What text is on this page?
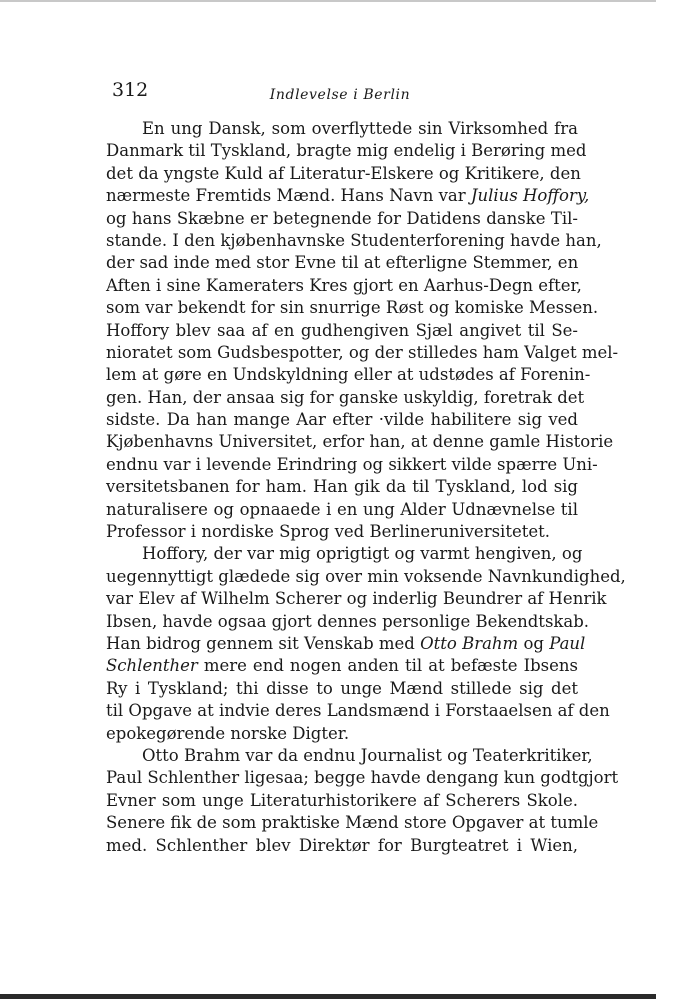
312	Indlevelse i Berlin
En ung Dansk, som overflyttede sin Virksomhed fra
Danmark til Tyskland, bragte mig endelig i Berøring med
det da yngste Kuld af Literatur-Elskere og Kritikere, den
nærmeste Fremtids Mænd. Hans Navn var Julius Hoffory,
og hans Skæbne er betegnende for Datidens danske Til-
stande. I den kjøbenhavnske Studenterforening havde han,
der sad inde med stor Evne til at efterligne Stemmer, en
Aften i sine Kameraters Kres gjort en Aarhus-Degn efter,
som var bekendt for sin snurrige Røst og komiske Messen.
Hoffory blev saa af en gudhengiven Sjæl angivet til Se-
nioratet som Gudsbespotter, og der stilledes ham Valget mel-
lem at gøre en Undskyldning eller at udstødes af Forenin-
gen. Han, der ansaa sig for ganske uskyldig, foretrak det
sidste. Da han mange Aar efter ·vilde habilitere sig ved
Kjøbenhavns Universitet, erfor han, at denne gamle Historie
endnu var i levende Erindring og sikkert vilde spærre Uni-
versitetsbanen for ham. Han gik da til Tyskland, lod sig
naturalisere og opnaaede i en ung Alder Udnævnelse til
Professor i nordiske Sprog ved Berlineruniversitetet.
Hoffory, der var mig oprigtigt og varmt hengiven, og
uegennyttigt glædede sig over min voksende Navnkundighed,
var Elev af Wilhelm Scherer og inderlig Beundrer af Henrik
Ibsen, havde ogsaa gjort dennes personlige Bekendtskab.
Han bidrog gennem sit Venskab med Otto Brahm og Paul
Schlenther mere end nogen anden til at befæste Ibsens
Ry i Tyskland; thi disse to unge Mænd stillede sig det
til Opgave at indvie deres Landsmænd i Forstaaelsen af den
epokegørende norske Digter.
Otto Brahm var da endnu Journalist og Teaterkritiker,
Paul Schlenther ligesaa; begge havde dengang kun godtgjort
Evner som unge Literaturhistorikere af Scherers Skole.
Senere fik de som praktiske Mænd store Opgaver at tumle
med. Schlenther blev Direktør for Burgteatret i Wien,
